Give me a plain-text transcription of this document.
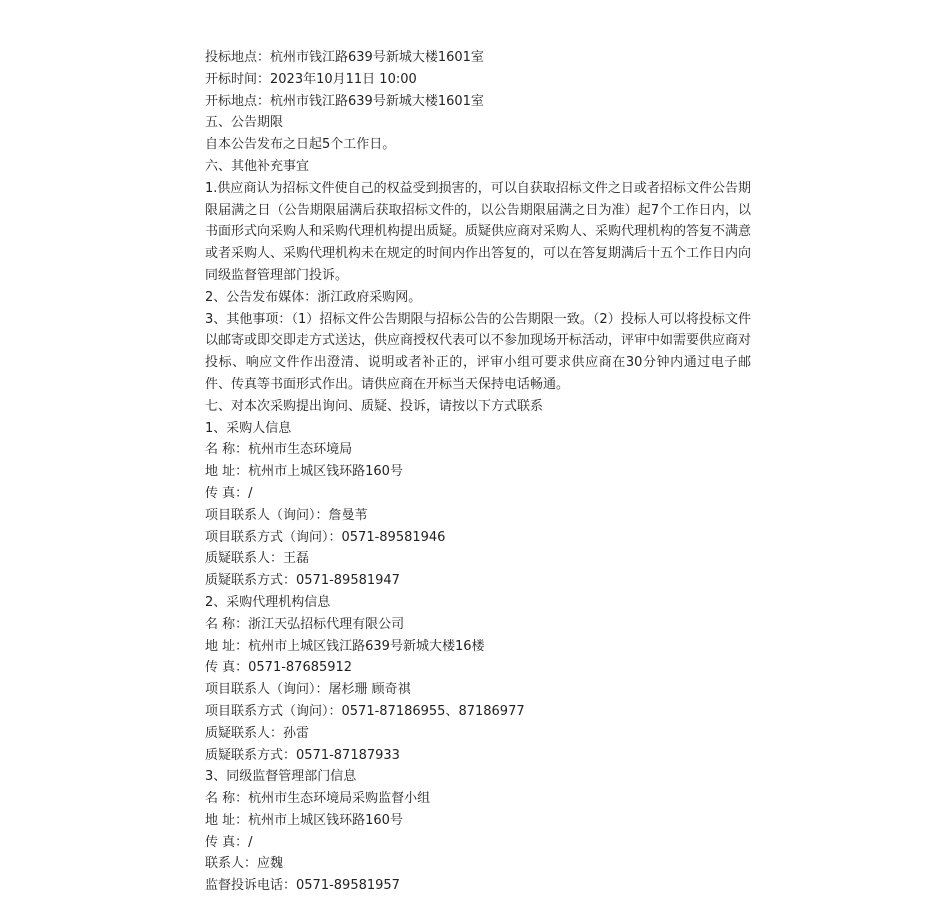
投标地点：杭州市钱江路639号新城大楼1601室
开标时间：2023年10月11日 10:00
开标地点：杭州市钱江路639号新城大楼1601室
五、公告期限
自本公告发布之日起5个工作日。
六、其他补充事宜
1.供应商认为招标文件使自己的权益受到损害的，可以自获取招标文件之日或者招标文件公告期限届满之日（公告期限届满后获取招标文件的，以公告期限届满之日为准）起7个工作日内，以书面形式向采购人和采购代理机构提出质疑。质疑供应商对采购人、采购代理机构的答复不满意或者采购人、采购代理机构未在规定的时间内作出答复的，可以在答复期满后十五个工作日内向同级监督管理部门投诉。
2、公告发布媒体：浙江政府采购网。
3、其他事项：（1）招标文件公告期限与招标公告的公告期限一致。（2）投标人可以将投标文件以邮寄或即交即走方式送达，供应商授权代表可以不参加现场开标活动，评审中如需要供应商对投标、响应文件作出澄清、说明或者补正的，评审小组可要求供应商在30分钟内通过电子邮件、传真等书面形式作出。请供应商在开标当天保持电话畅通。
七、对本次采购提出询问、质疑、投诉，请按以下方式联系
1、采购人信息
名 称：杭州市生态环境局
地 址：杭州市上城区钱环路160号
传 真：/
项目联系人（询问）：詹曼苇
项目联系方式（询问）：0571-89581946
质疑联系人：王磊
质疑联系方式：0571-89581947
2、采购代理机构信息
名 称：浙江天弘招标代理有限公司
地 址：杭州市上城区钱江路639号新城大楼16楼
传 真：0571-87685912
项目联系人（询问）：屠杉珊 顾奇祺
项目联系方式（询问）：0571-87186955、87186977
质疑联系人：孙雷
质疑联系方式：0571-87187933
3、同级监督管理部门信息
名 称：杭州市生态环境局采购监督小组
地 址：杭州市上城区钱环路160号
传 真：/
联系人：应魏
监督投诉电话：0571-89581957
